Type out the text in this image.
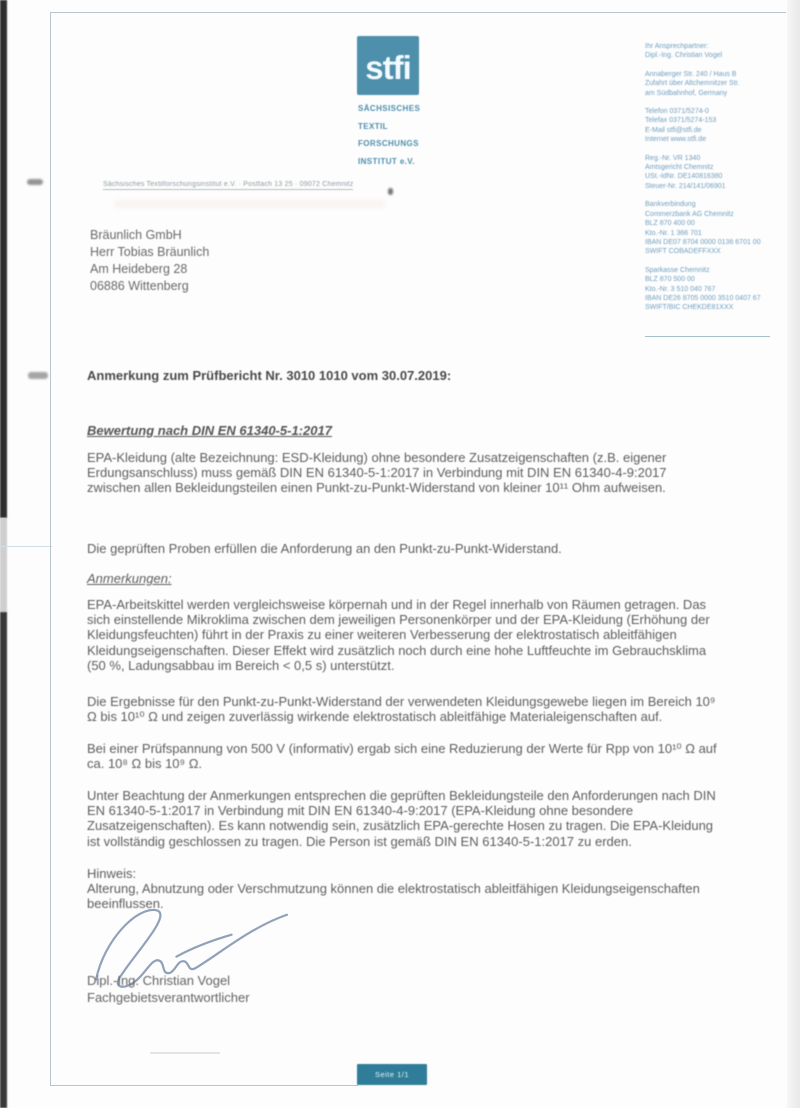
stfi
SÄCHSISCHES
TEXTIL
FORSCHUNGS
INSTITUT e.V.
Sächsisches Textilforschungsinstitut e.V. · Postfach 13 25 · 09072 Chemnitz
Bräunlich GmbH
Herr Tobias Bräunlich
Am Heideberg 28
06886 Wittenberg
Ihr Ansprechpartner:
Dipl.-Ing. Christian Vogel
Annaberger Str. 240 / Haus B
Zufahrt über Altchemnitzer Str.
am Südbahnhof, Germany
Telefon 0371/5274-0
Telefax 0371/5274-153
E-Mail stfi@stfi.de
Internet www.stfi.de
Reg.-Nr. VR 1340
Amtsgericht Chemnitz
USt.-IdNr. DE140816380
Steuer-Nr. 214/141/06901
Bankverbindung
Commerzbank AG Chemnitz
BLZ 870 400 00
Kto.-Nr. 1 366 701
IBAN DE07 8704 0000 0136 6701 00
SWIFT COBADEFFXXX
Sparkasse Chemnitz
BLZ 870 500 00
Kto.-Nr. 3 510 040 767
IBAN DE26 8705 0000 3510 0407 67
SWIFT/BIC CHEKDE81XXX
Anmerkung zum Prüfbericht Nr. 3010 1010 vom 30.07.2019:
Bewertung nach DIN EN 61340-5-1:2017
EPA-Kleidung (alte Bezeichnung: ESD-Kleidung) ohne besondere Zusatzeigenschaften (z.B. eigener Erdungsanschluss) muss gemäß DIN EN 61340-5-1:2017 in Verbindung mit DIN EN 61340-4-9:2017 zwischen allen Bekleidungsteilen einen Punkt-zu-Punkt-Widerstand von kleiner 10¹¹ Ohm aufweisen.
Die geprüften Proben erfüllen die Anforderung an den Punkt-zu-Punkt-Widerstand.
Anmerkungen:
EPA-Arbeitskittel werden vergleichsweise körpernah und in der Regel innerhalb von Räumen getragen. Das sich einstellende Mikroklima zwischen dem jeweiligen Personenkörper und der EPA-Kleidung (Erhöhung der Kleidungsfeuchten) führt in der Praxis zu einer weiteren Verbesserung der elektrostatisch ableitfähigen Kleidungseigenschaften. Dieser Effekt wird zusätzlich noch durch eine hohe Luftfeuchte im Gebrauchsklima (50 %, Ladungsabbau im Bereich < 0,5 s) unterstützt.
Die Ergebnisse für den Punkt-zu-Punkt-Widerstand der verwendeten Kleidungsgewebe liegen im Bereich 10⁹ Ω bis 10¹⁰ Ω und zeigen zuverlässig wirkende elektrostatisch ableitfähige Materialeigenschaften auf.
Bei einer Prüfspannung von 500 V (informativ) ergab sich eine Reduzierung der Werte für Rpp von 10¹⁰ Ω auf ca. 10⁸ Ω bis 10⁹ Ω.
Unter Beachtung der Anmerkungen entsprechen die geprüften Bekleidungsteile den Anforderungen nach DIN EN 61340-5-1:2017 in Verbindung mit DIN EN 61340-4-9:2017 (EPA-Kleidung ohne besondere Zusatzeigenschaften). Es kann notwendig sein, zusätzlich EPA-gerechte Hosen zu tragen. Die EPA-Kleidung ist vollständig geschlossen zu tragen. Die Person ist gemäß DIN EN 61340-5-1:2017 zu erden.
Hinweis:
Alterung, Abnutzung oder Verschmutzung können die elektrostatisch ableitfähigen Kleidungseigenschaften beeinflussen.
Dipl.-Ing. Christian Vogel
Fachgebietsverantwortlicher
Seite 1/1
